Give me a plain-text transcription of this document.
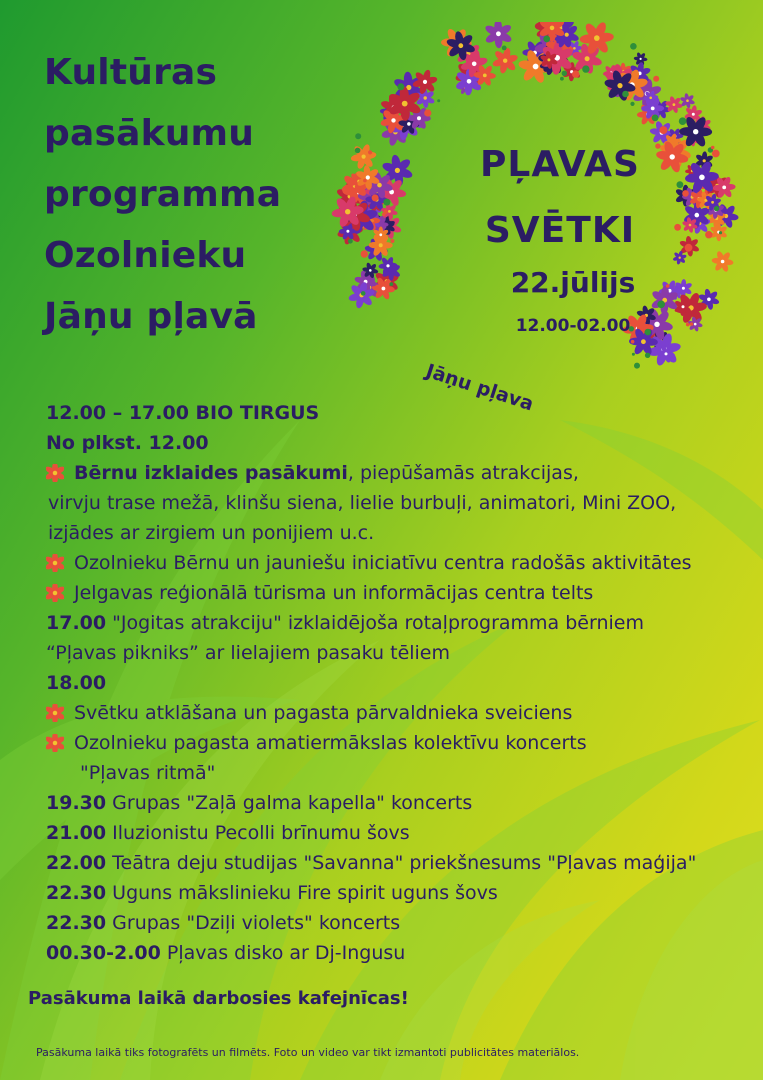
Kultūras
pasākumu
programma
Ozolnieku
Jāņu pļavā
PĻAVAS
SVĒTKI
22.jūlijs
12.00-02.00
Jāņu pļava
12.00 – 17.00 BIO TIRGUS
No plkst. 12.00
Bērnu izklaides pasākumi, piepūšamās atrakcijas,
virvju trase mežā, klinšu siena, lielie burbuļi, animatori, Mini ZOO,
izjādes ar zirgiem un ponijiem u.c.
Ozolnieku Bērnu un jauniešu iniciatīvu centra radošās aktivitātes
Jelgavas reģionālā tūrisma un informācijas centra telts
17.00 "Jogitas atrakciju" izklaidējoša rotaļprogramma bērniem
“Pļavas pikniks” ar lielajiem pasaku tēliem
18.00
Svētku atklāšana un pagasta pārvaldnieka sveiciens
Ozolnieku pagasta amatiermākslas kolektīvu koncerts
"Pļavas ritmā"
19.30 Grupas "Zaļā galma kapella" koncerts
21.00 Iluzionistu Pecolli brīnumu šovs
22.00 Teātra deju studijas "Savanna" priekšnesums "Pļavas maģija"
22.30 Uguns mākslinieku Fire spirit uguns šovs
22.30 Grupas "Dziļi violets" koncerts
00.30-2.00 Pļavas disko ar Dj-Ingusu
Pasākuma laikā darbosies kafejnīcas!
Pasākuma laikā tiks fotografēts un filmēts. Foto un video var tikt izmantoti publicitātes materiālos.
